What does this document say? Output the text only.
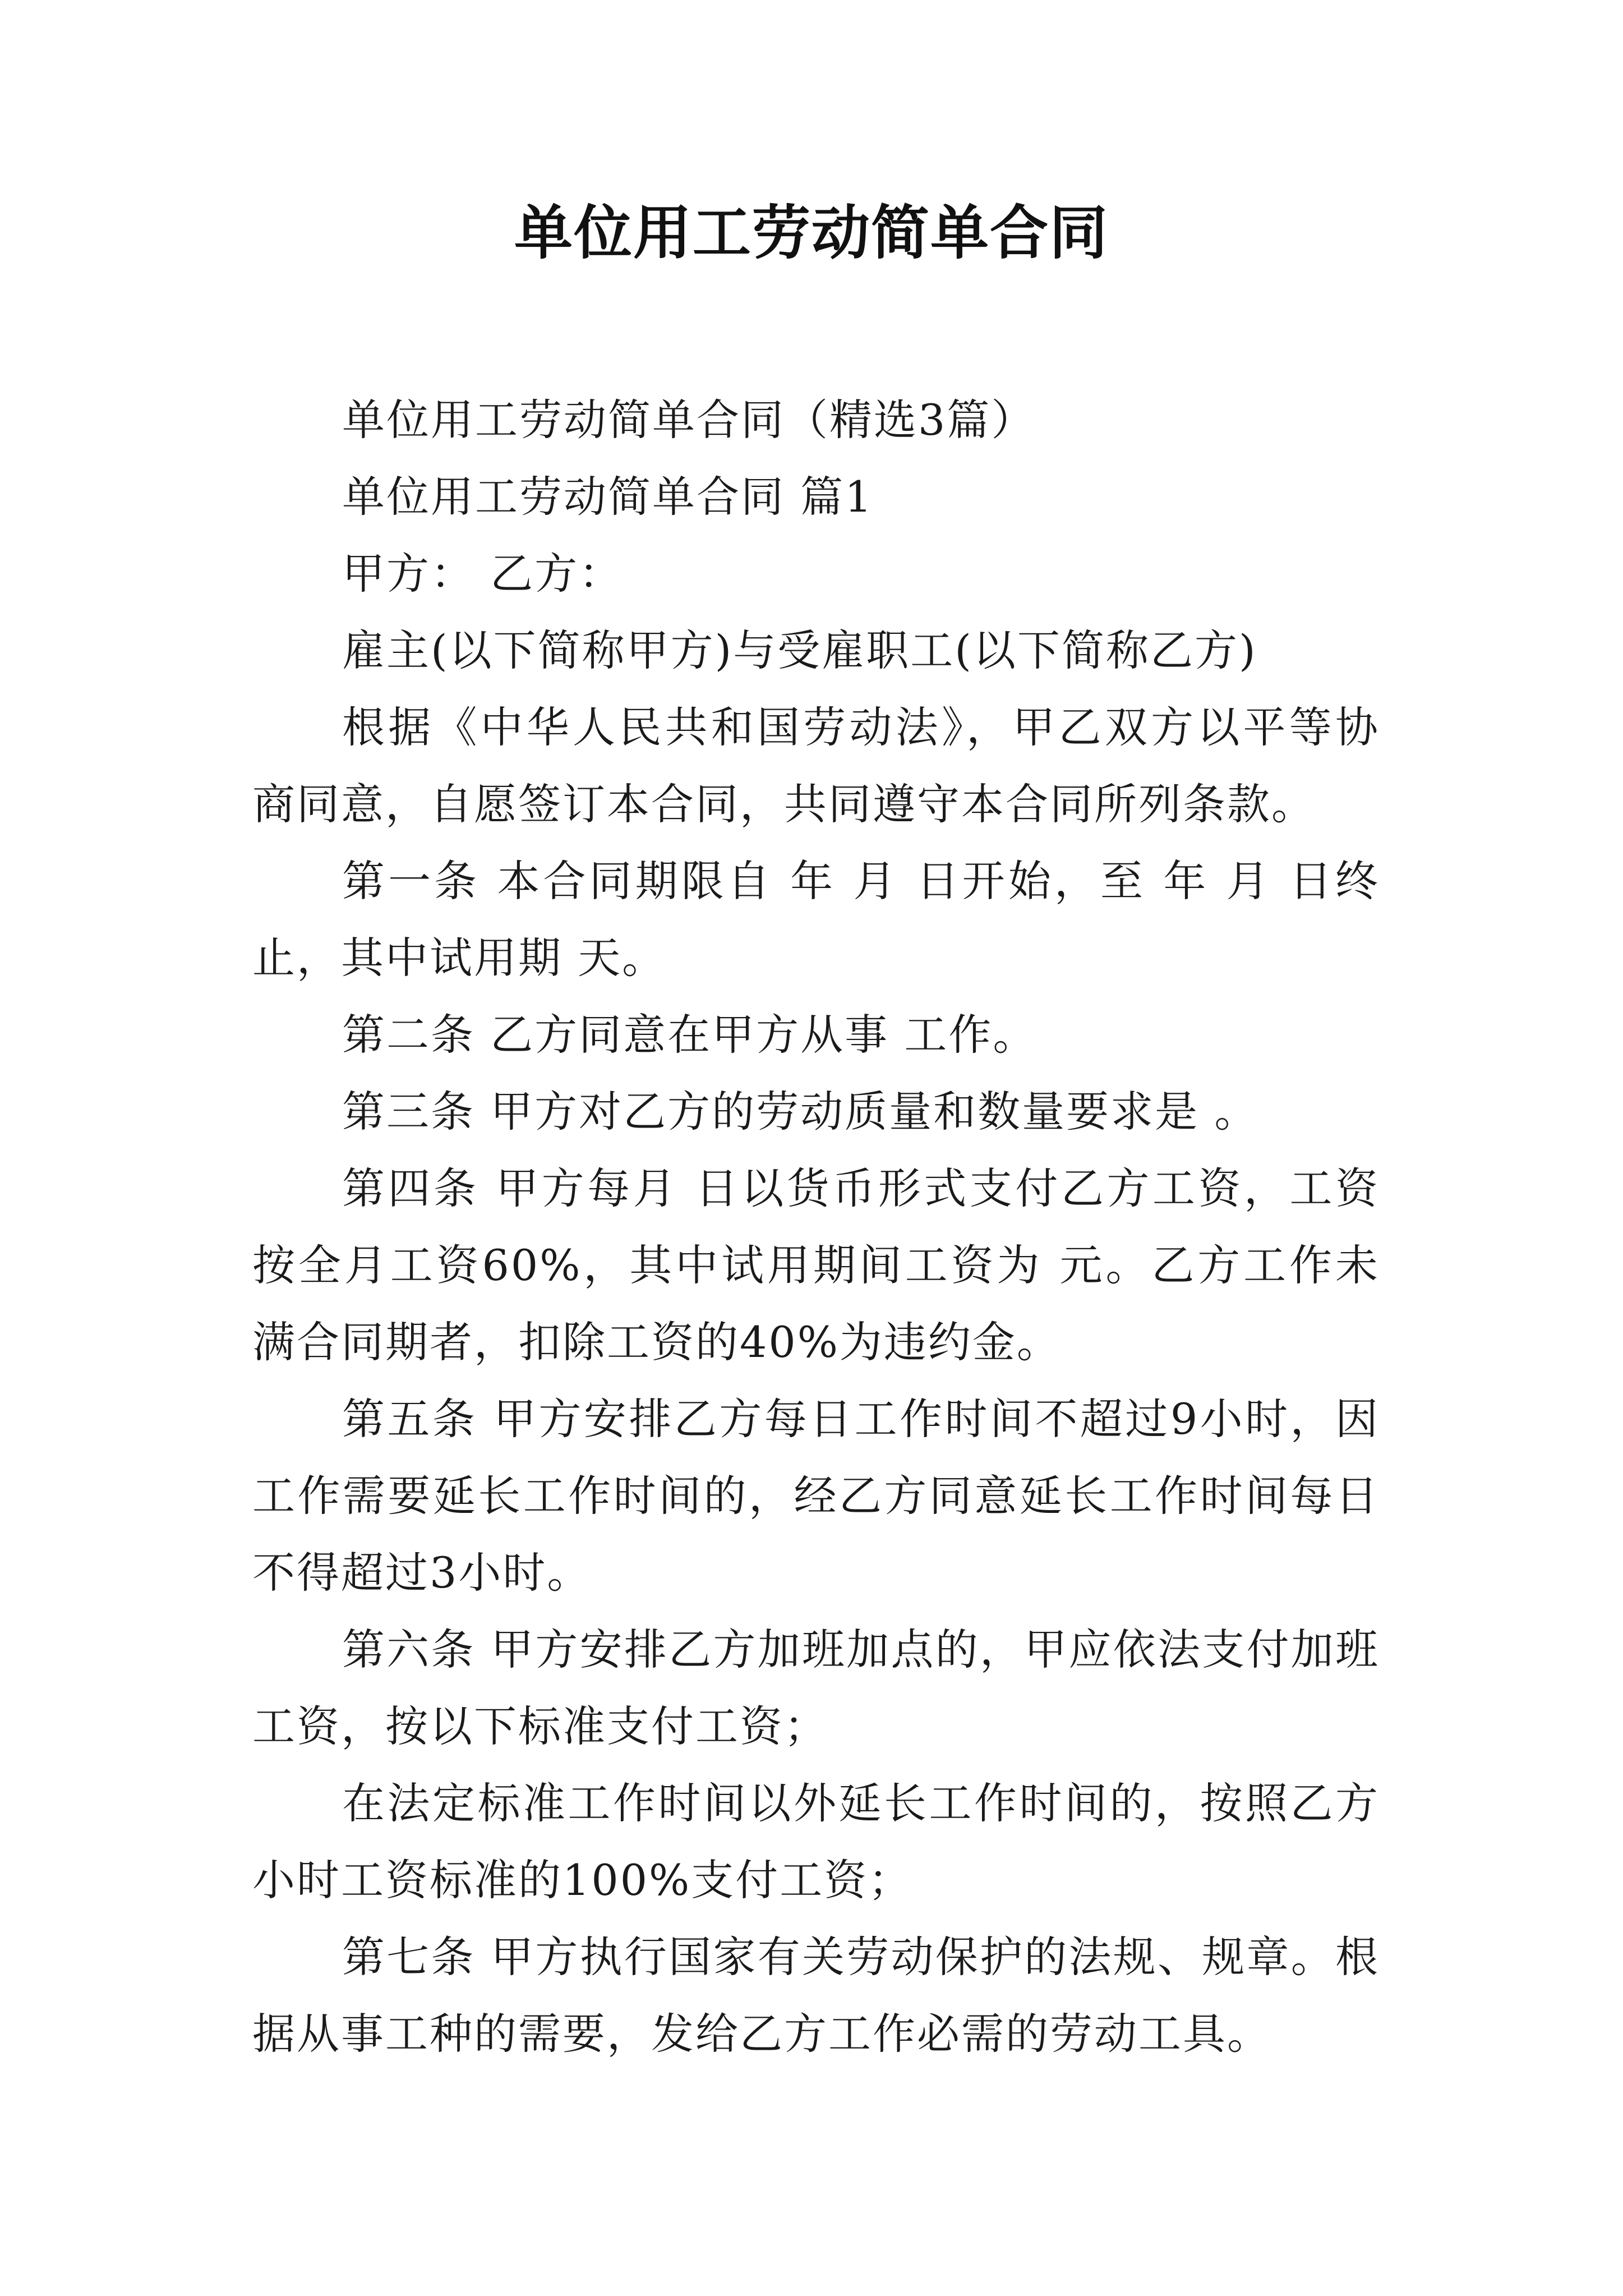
单位用工劳动简单合同

单位用工劳动简单合同（精选3篇）

单位用工劳动简单合同 篇1

甲方： 乙方：

雇主(以下简称甲方)与受雇职工(以下简称乙方)

根据《中华人民共和国劳动法》，甲乙双方以平等协商同意，自愿签订本合同，共同遵守本合同所列条款。

第一条 本合同期限自 年 月 日开始，至 年 月 日终止，其中试用期 天。

第二条 乙方同意在甲方从事 工作。

第三条 甲方对乙方的劳动质量和数量要求是 。

第四条 甲方每月 日以货币形式支付乙方工资，工资按全月工资60%，其中试用期间工资为 元。乙方工作未满合同期者，扣除工资的40%为违约金。

第五条 甲方安排乙方每日工作时间不超过9小时，因工作需要延长工作时间的，经乙方同意延长工作时间每日不得超过3小时。

第六条 甲方安排乙方加班加点的，甲应依法支付加班工资，按以下标准支付工资；

在法定标准工作时间以外延长工作时间的，按照乙方小时工资标准的100%支付工资；

第七条 甲方执行国家有关劳动保护的法规、规章。根据从事工种的需要，发给乙方工作必需的劳动工具。
